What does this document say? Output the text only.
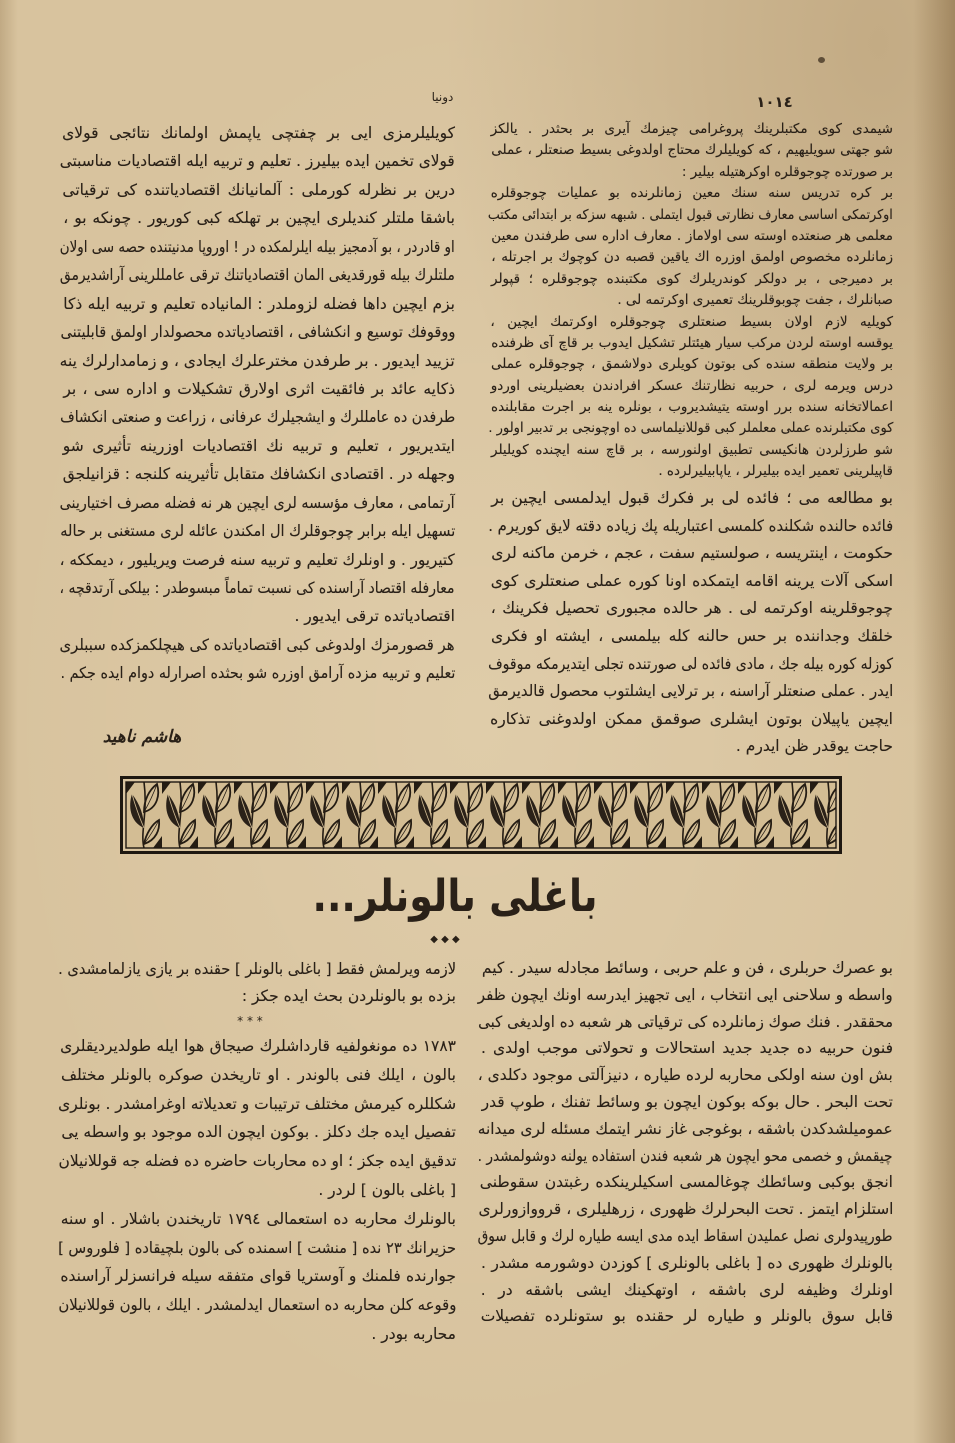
١٠١٤
دونيا
شيمدى كوى مكتبلرينك پروغرامى چيزمك آيرى بر بحثدر . يالكز
شو جهتى سويليهيم ، كه كويليلرك محتاج اولدوغى بسيط صنعتلر ، عملى
بر صورتده چوجوقلره اوكرهتيله بيلير :
بر كره تدريس سنه سنك معين زمانلرنده بو عمليات چوجوقلره
اوكرتمكى اساسى معارف نظارتى قبول ايتملى . شبهه سزكه بر ابتدائى مكتب
معلمى هر صنعتده اوسته سى اولاماز . معارف اداره سى طرفندن معين
زمانلرده مخصوص اولمق اوزره اك ياقين قصبه دن كوچوك بر اجرتله ،
بر دميرجى ، بر دولكر كوندريلرك كوى مكتبنده چوجوقلره ؛ قپولر
صبانلرك ، جفت چوبوقلرينك تعميرى اوكرتمه لى .
كويليه لازم اولان بسيط صنعتلرى چوجوقلره اوكرتمك ايچين ،
يوقسه اوسته لردن مركب سيار هيئتلر تشكيل ايدوب بر قاچ آى ظرفنده
بر ولايت منطقه سنده كى بوتون كويلرى دولاشمق ، چوجوقلره عملى
درس ويرمه لرى ، حربيه نظارتنك عسكر افرادندن بعضيلرينى اوردو
اعمالاتخانه سنده برر اوسته يتيشديروب ، بونلره ينه بر اجرت مقابلنده
كوى مكتبلرنده عملى معلملر كبى قوللانيلماسى ده اوچونجى بر تدبير اولور .
شو طرزلردن هانكيسى تطبيق اولنورسه ، بر قاچ سنه ايچنده كويليلر
قاپيلرينى تعمير ايده بيليرلر ، ياپابيليرلرده .
بو مطالعه مى ؛ فائده لى بر فكرك قبول ايدلمسى ايچين بر
فائده حالنده شكلنده كلمسى اعتباريله پك زياده دقته لايق كوريرم .
حكومت ، اينتريسه ، صولستيم سفت ، عجم ، خرمن ماكنه لرى
اسكى آلات يرينه اقامه ايتمكده اونا كوره عملى صنعتلرى كوى
چوجوقلرينه اوكرتمه لى . هر حالده مجبورى تحصيل فكرينك ،
خلقك وجداننده بر حس حالنه كله بيلمسى ، ايشته او فكرى
كوزله كوره بيله جك ، مادى فائده لى صورتنده تجلى ايتديرمكه موقوف
ايدر . عملى صنعتلر آراسنه ، بر ترلايى ايشلتوب محصول قالديرمق
ايچين ياپيلان بوتون ايشلرى صوقمق ممكن اولدوغنى تذكاره
حاجت يوقدر ظن ايدرم .
كويليلرمزى ايى بر چفتچى ياپمش اولمانك نتائجى قولاى
قولاى تخمين ايده بيليرز . تعليم و تربيه ايله اقتصاديات مناسبتى
درين بر نظرله كورملى : آلمانيانك اقتصادياتنده كى ترقياتى
باشقا ملتلر كنديلرى ايچين بر تهلكه كبى كوريور . چونكه بو ،
او قادردر ، بو آدمجيز بيله ايلرلمكده در ! اوروپا مدنيتنده حصه سى اولان
ملتلرك بيله قورقديغى المان اقتصادياتنك ترقى عامللرينى آراشديرمق
بزم ايچين داها فضله لزوملدر : المانياده تعليم و تربيه ايله ذكا
ووقوفك توسيع و انكشافى ، اقتصادياتده محصولدار اولمق قابليتنى
تزييد ايديور . بر طرفدن مخترعلرك ايجادى ، و زمامدارلرك ينه
ذكايه عائد بر فائقيت اثرى اولارق تشكيلات و اداره سى ، بر
طرفدن ده عامللرك و ايشجيلرك عرفانى ، زراعت و صنعتى انكشاف
ايتديريور ، تعليم و تربيه نك اقتصاديات اوزرينه تأثيرى شو
وجهله در . اقتصادى انكشافك متقابل تأثيرينه كلنجه : قزانيلجق
آرتمامى ، معارف مؤسسه لرى ايچين هر نه فضله مصرف اختيارينى
تسهيل ايله برابر چوجوقلرك ال امكندن عائله لرى مستغنى بر حاله
كتيريور . و اونلرك تعليم و تربيه سنه فرصت ويريليور ، ديمككه ،
معارفله اقتصاد آراسنده كى نسبت تماماً مبسوطدر : بيلكى آرتدقچه ،
اقتصادياتده ترقى ايديور .
هر قصورمزك اولدوغى كبى اقتصادياتده كى هيچلكمزكده سببلرى
تعليم و تربيه مزده آرامق اوزره شو بحثده اصرارله دوام ايده جكم .
هاشم ناهيد
باغلى بالونلر...
◆ ◆ ◆
بو عصرك حربلرى ، فن و علم حربى ، وسائط مجادله سيدر . كيم
واسطه و سلاحنى ايى انتخاب ، ايى تجهيز ايدرسه اونك ايچون ظفر
محققدر . فنك صوك زمانلرده كى ترقياتى هر شعبه ده اولديغى كبى
فنون حربيه ده جديد جديد استحالات و تحولاتى موجب اولدى .
بش اون سنه اولكى محاربه لرده طياره ، دنيزآلتى موجود دكلدى ،
تحت البحر . حال بوكه بوكون ايچون بو وسائط تفنك ، طوپ قدر
عموميلشدكدن باشقه ، بوغوجى غاز نشر ايتمك مسئله لرى ميدانه
چيقمش و خصمى محو ايچون هر شعبه فندن استفاده يولنه دوشولمشدر .
انجق بوكبى وسائطك چوغالمسى اسكيلرينكده رغبتدن سقوطنى
استلزام ايتمز . تحت البحرلرك ظهورى ، زرهليلرى ، قرووازورلرى
طورپيدولرى نصل عمليدن اسقاط ايده مدى ايسه طياره لرك و قابل سوق
بالونلرك ظهورى ده [ باغلى بالونلرى ] كوزدن دوشورمه مشدر .
اونلرك وظيفه لرى باشقه ، اوتهكينك ايشى باشقه در .
قابل سوق بالونلر و طياره لر حقنده بو ستونلرده تفصيلات
لازمه ويرلمش فقط [ باغلى بالونلر ] حقنده بر يازى يازلمامشدى .
بزده بو بالونلردن بحث ايده جكز :
* * *
١٧٨٣ ده مونغولفيه قارداشلرك صيجاق هوا ايله طولديرديقلرى
بالون ، ايلك فنى بالوندر . او تاريخدن صوكره بالونلر مختلف
شكللره كيرمش مختلف ترتيبات و تعديلاته اوغرامشدر . بونلرى
تفصيل ايده جك دكلز . بوكون ايچون الده موجود بو واسطه يى
تدقيق ايده جكز ؛ او ده محاربات حاضره ده فضله جه قوللانيلان
[ باغلى بالون ] لردر .
بالونلرك محاربه ده استعمالى ١٧٩٤ تاريخندن باشلار . او سنه
حزيرانك ٢٣ نده [ منشت ] اسمنده كى بالون بلچيقاده [ فلوروس ]
جوارنده فلمنك و آوستريا قواى متفقه سيله فرانسزلر آراسنده
وقوعه كلن محاربه ده استعمال ايدلمشدر . ايلك ، بالون قوللانيلان
محاربه بودر .
